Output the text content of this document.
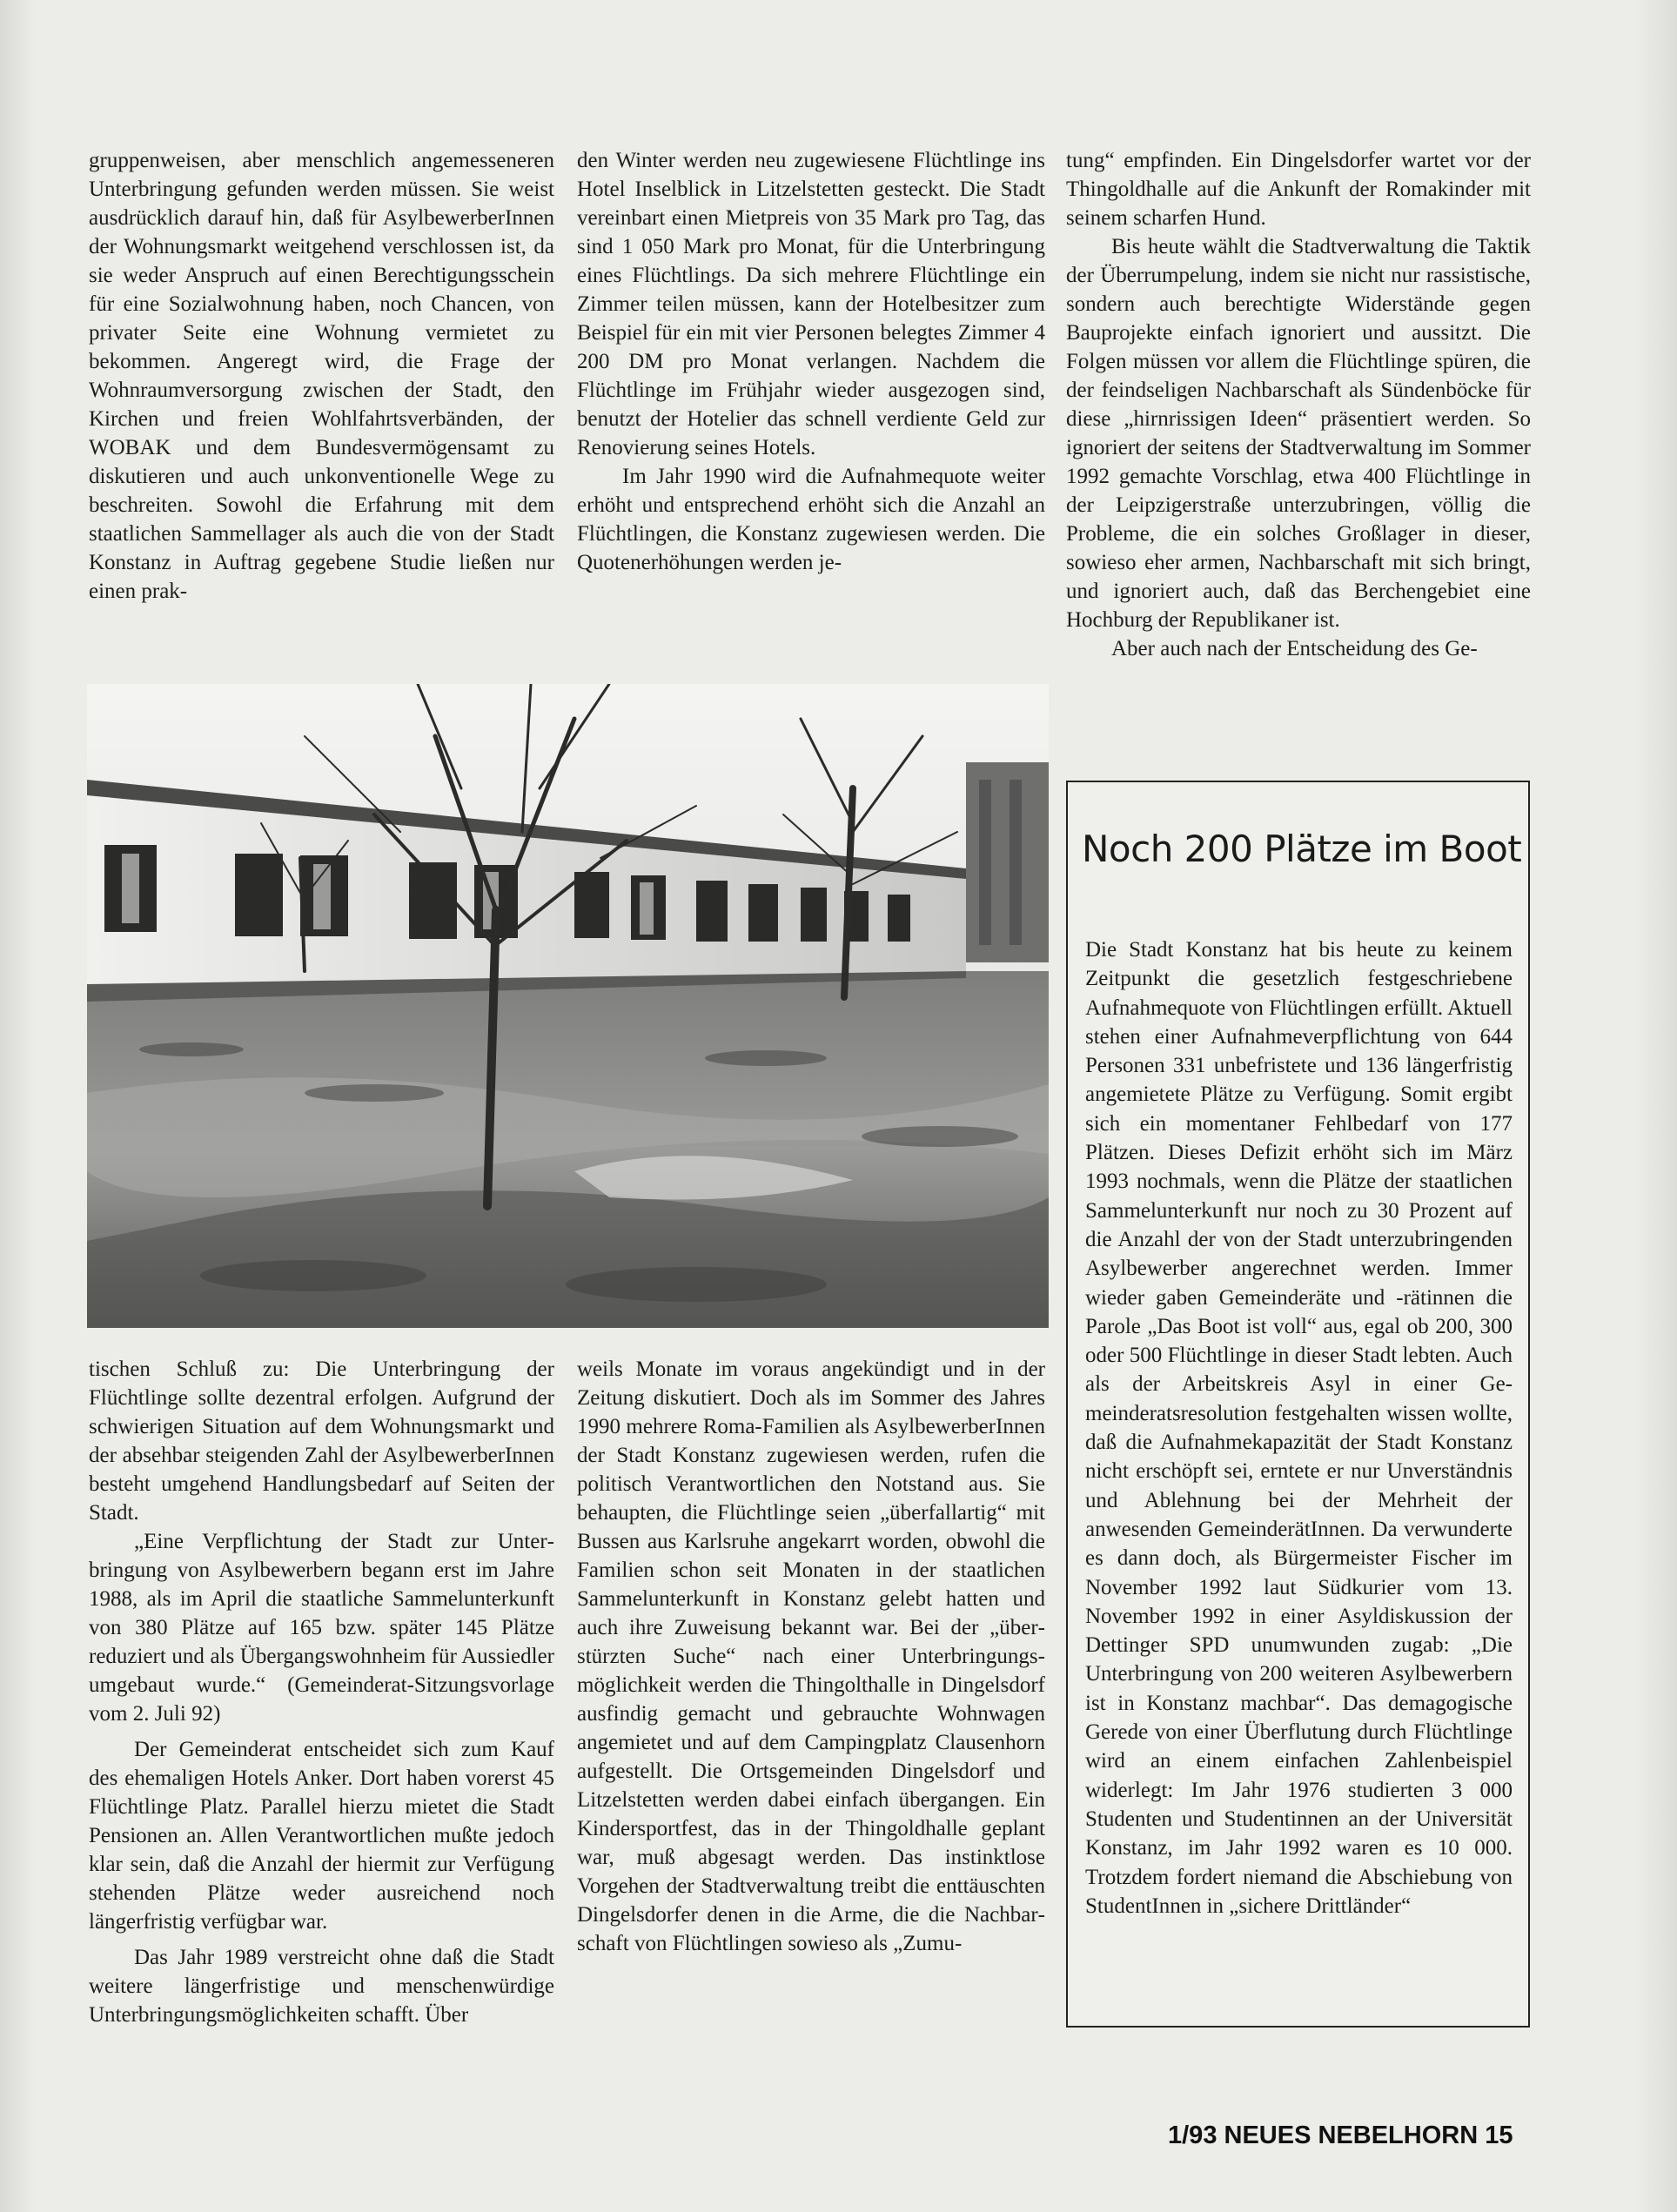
gruppenweisen, aber menschlich angemesseneren Unterbringung gefunden werden müssen. Sie weist ausdrücklich darauf hin, daß für AsylbewerberInnen der Wohnungsmarkt weitgehend verschlossen ist, da sie weder Anspruch auf einen Berechtigungsschein für eine Sozialwohnung haben, noch Chancen, von privater Seite eine Wohnung vermietet zu bekommen. Angeregt wird, die Frage der Wohnraumversorgung zwischen der Stadt, den Kirchen und freien Wohlfahrtsverbänden, der WOBAK und dem Bundesvermögensamt zu diskutieren und auch unkonventionelle Wege zu beschreiten. Sowohl die Erfahrung mit dem staatlichen Sammellager als auch die von der Stadt Konstanz in Auftrag gegebene Studie ließen nur einen prak-

den Winter werden neu zugewiesene Flüchtlinge ins Hotel Inselblick in Litzelstetten gesteckt. Die Stadt vereinbart einen Mietpreis von 35 Mark pro Tag, das sind 1 050 Mark pro Monat, für die Unterbringung eines Flüchtlings. Da sich mehrere Flüchtlinge ein Zimmer teilen müssen, kann der Hotelbesitzer zum Beispiel für ein mit vier Personen belegtes Zimmer 4 200 DM pro Monat verlangen. Nachdem die Flüchtlinge im Frühjahr wieder ausgezogen sind, benutzt der Hotelier das schnell verdiente Geld zur Renovierung seines Hotels.

Im Jahr 1990 wird die Aufnahmequote weiter erhöht und entsprechend erhöht sich die Anzahl an Flüchtlingen, die Konstanz zugewiesen werden. Die Quotenerhöhungen werden je-

tung“ empfinden. Ein Dingelsdorfer wartet vor der Thingoldhalle auf die Ankunft der Romakinder mit seinem scharfen Hund.

Bis heute wählt die Stadtverwaltung die Taktik der Überrumpelung, indem sie nicht nur rassistische, sondern auch berechtigte Widerstände gegen Bauprojekte einfach ignoriert und aussitzt. Die Folgen müssen vor allem die Flüchtlinge spüren, die der feindseligen Nachbarschaft als Sündenböcke für diese „hirnrissigen Ideen“ präsentiert werden. So ignoriert der seitens der Stadtverwaltung im Sommer 1992 gemachte Vorschlag, etwa 400 Flüchtlinge in der Leipzigerstraße unterzubringen, völlig die Probleme, die ein solches Großlager in dieser, sowieso eher armen, Nachbarschaft mit sich bringt, und ignoriert auch, daß das Berchengebiet eine Hochburg der Republikaner ist.

Aber auch nach der Entscheidung des Ge-

tischen Schluß zu: Die Unterbringung der Flüchtlinge sollte dezentral erfolgen. Aufgrund der schwierigen Situation auf dem Wohnungsmarkt und der absehbar steigenden Zahl der AsylbewerberInnen besteht umgehend Handlungsbedarf auf Seiten der Stadt.

„Eine Verpflichtung der Stadt zur Unterbringung von Asylbewerbern begann erst im Jahre 1988, als im April die staatliche Sammelunterkunft von 380 Plätze auf 165 bzw. später 145 Plätze reduziert und als Übergangswohnheim für Aussiedler umgebaut wurde.“ (Gemeinderat-Sitzungsvorlage vom 2. Juli 92)

Der Gemeinderat entscheidet sich zum Kauf des ehemaligen Hotels Anker. Dort haben vorerst 45 Flüchtlinge Platz. Parallel hierzu mietet die Stadt Pensionen an. Allen Verantwortlichen mußte jedoch klar sein, daß die Anzahl der hiermit zur Verfügung stehenden Plätze weder ausreichend noch längerfristig verfügbar war.

Das Jahr 1989 verstreicht ohne daß die Stadt weitere längerfristige und menschenwürdige Unterbringungsmöglichkeiten schafft. Über

weils Monate im voraus angekündigt und in der Zeitung diskutiert. Doch als im Sommer des Jahres 1990 mehrere Roma-Familien als AsylbewerberInnen der Stadt Konstanz zugewiesen werden, rufen die politisch Verantwortlichen den Notstand aus. Sie behaupten, die Flüchtlinge seien „überfallartig“ mit Bussen aus Karlsruhe angekarrt worden, obwohl die Familien schon seit Monaten in der staatlichen Sammelunterkunft in Konstanz gelebt hatten und auch ihre Zuweisung bekannt war. Bei der „überstürzten Suche“ nach einer Unterbringungsmöglichkeit werden die Thingolthalle in Dingelsdorf ausfindig gemacht und gebrauchte Wohnwagen angemietet und auf dem Campingplatz Clausenhorn aufgestellt. Die Ortsgemeinden Dingelsdorf und Litzelstetten werden dabei einfach übergangen. Ein Kindersportfest, das in der Thingoldhalle geplant war, muß abgesagt werden. Das instinktlose Vorgehen der Stadtverwaltung treibt die enttäuschten Dingelsdorfer denen in die Arme, die die Nachbarschaft von Flüchtlingen sowieso als „Zumu-

Noch 200 Plätze im Boot

Die Stadt Konstanz hat bis heute zu keinem Zeitpunkt die gesetzlich festgeschriebene Aufnahmequote von Flüchtlingen erfüllt. Aktuell stehen einer Aufnahmeverpflichtung von 644 Personen 331 unbefristete und 136 längerfristig angemietete Plätze zu Verfügung. Somit ergibt sich ein momentaner Fehlbedarf von 177 Plätzen. Dieses Defizit erhöht sich im März 1993 nochmals, wenn die Plätze der staatlichen Sammelunterkunft nur noch zu 30 Prozent auf die Anzahl der von der Stadt unterzubringenden Asylbewerber angerechnet werden. Immer wieder gaben Gemeinderäte und -rätinnen die Parole „Das Boot ist voll“ aus, egal ob 200, 300 oder 500 Flüchtlinge in dieser Stadt lebten. Auch als der Arbeitskreis Asyl in einer Gemeinderatsresolution festgehalten wissen wollte, daß die Aufnahmekapazität der Stadt Konstanz nicht erschöpft sei, erntete er nur Unverständnis und Ablehnung bei der Mehrheit der anwesenden GemeinderätInnen. Da verwunderte es dann doch, als Bürgermeister Fischer im November 1992 laut Südkurier vom 13. November 1992 in einer Asyldiskussion der Dettinger SPD unumwunden zugab: „Die Unterbringung von 200 weiteren Asylbewerbern ist in Konstanz machbar“. Das demagogische Gerede von einer Überflutung durch Flüchtlinge wird an einem einfachen Zahlenbeispiel widerlegt: Im Jahr 1976 studierten 3 000 Studenten und Studentinnen an der Universität Konstanz, im Jahr 1992 waren es 10 000. Trotzdem fordert niemand die Abschiebung von StudentInnen in „sichere Drittländer“

1/93 NEUES NEBELHORN 15
